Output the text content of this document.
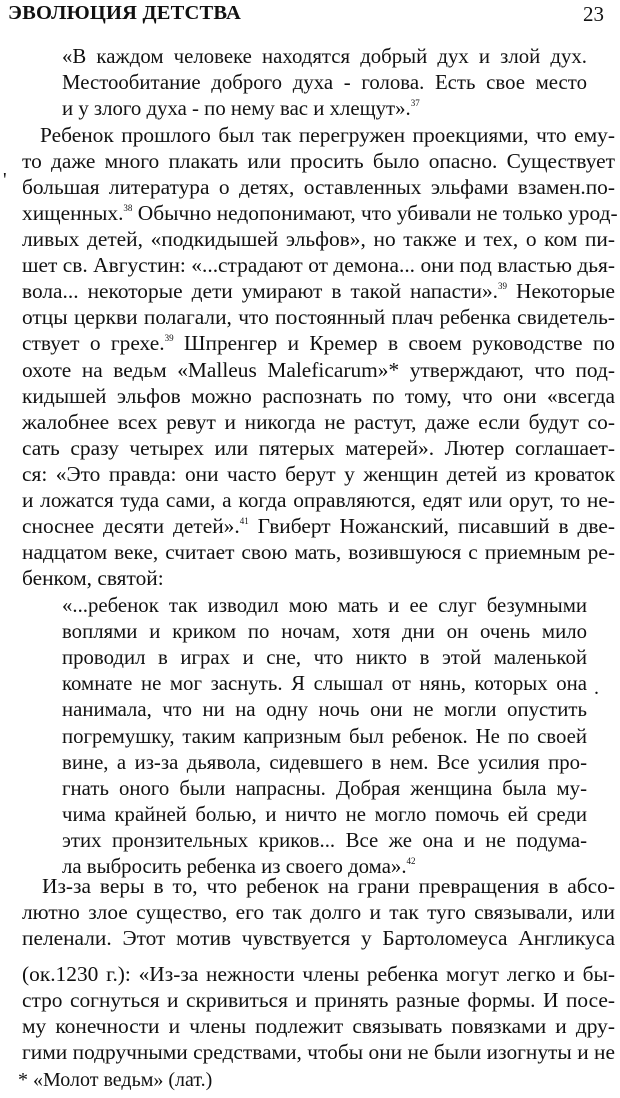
ЭВОЛЮЦИЯ ДЕТСТВА	23
«В каждом человеке находятся добрый дух и злой дух.
Местообитание доброго духа - голова. Есть свое место
и у злого духа - по нему вас и хлещут».$^{37}$
Ребенок прошлого был так перегружен проекциями, что ему-
то даже много плакать или просить было опасно. Существует
большая литература о детях, оставленных эльфами взамен.по-
хищенных.$^{38}$ Обычно недопонимают, что убивали не только урод-
ливых детей, «подкидышей эльфов», но также и тех, о ком пи-
шет св. Августин: «...страдают от демона... они под властью дья-
вола... некоторые дети умирают в такой напасти».$^{39}$ Некоторые
отцы церкви полагали, что постоянный плач ребенка свидетель-
ствует о грехе.$^{39}$ Шпренгер и Кремер в своем руководстве по
охоте на ведьм «Malleus Maleficarum»* утверждают, что под-
кидышей эльфов можно распознать по тому, что они «всегда
жалобнее всех ревут и никогда не растут, даже если будут со-
сать сразу четырех или пятерых матерей». Лютер соглашает-
ся: «Это правда: они часто берут у женщин детей из кроваток
и ложатся туда сами, а когда оправляются, едят или орут, то не-
сноснее десяти детей».$^{41}$ Гвиберт Ножанский, писавший в две-
надцатом веке, считает свою мать, возившуюся с приемным ре-
бенком, святой:
«...ребенок так изводил мою мать и ее слуг безумными
воплями и криком по ночам, хотя дни он очень мило
проводил в играх и сне, что никто в этой маленькой
комнате не мог заснуть. Я слышал от нянь, которых она
нанимала, что ни на одну ночь они не могли опустить
погремушку, таким капризным был ребенок. Не по своей
вине, а из-за дьявола, сидевшего в нем. Все усилия про-
гнать оного были напрасны. Добрая женщина была му-
чима крайней болью, и ничто не могло помочь ей среди
этих пронзительных криков... Все же она и не подума-
ла выбросить ребенка из своего дома».$^{42}$
Из-за веры в то, что ребенок на грани превращения в абсо-
лютно злое существо, его так долго и так туго связывали, или
пеленали. Этот мотив чувствуется у Бартоломеуса Англикуса
(ок.1230 г.): «Из-за нежности члены ребенка могут легко и бы-
стро согнуться и скривиться и принять разные формы. И посе-
му конечности и члены подлежит связывать повязками и дру-
гими подручными средствами, чтобы они не были изогнуты и не
'
.
* «Молот ведьм» (лат.)
